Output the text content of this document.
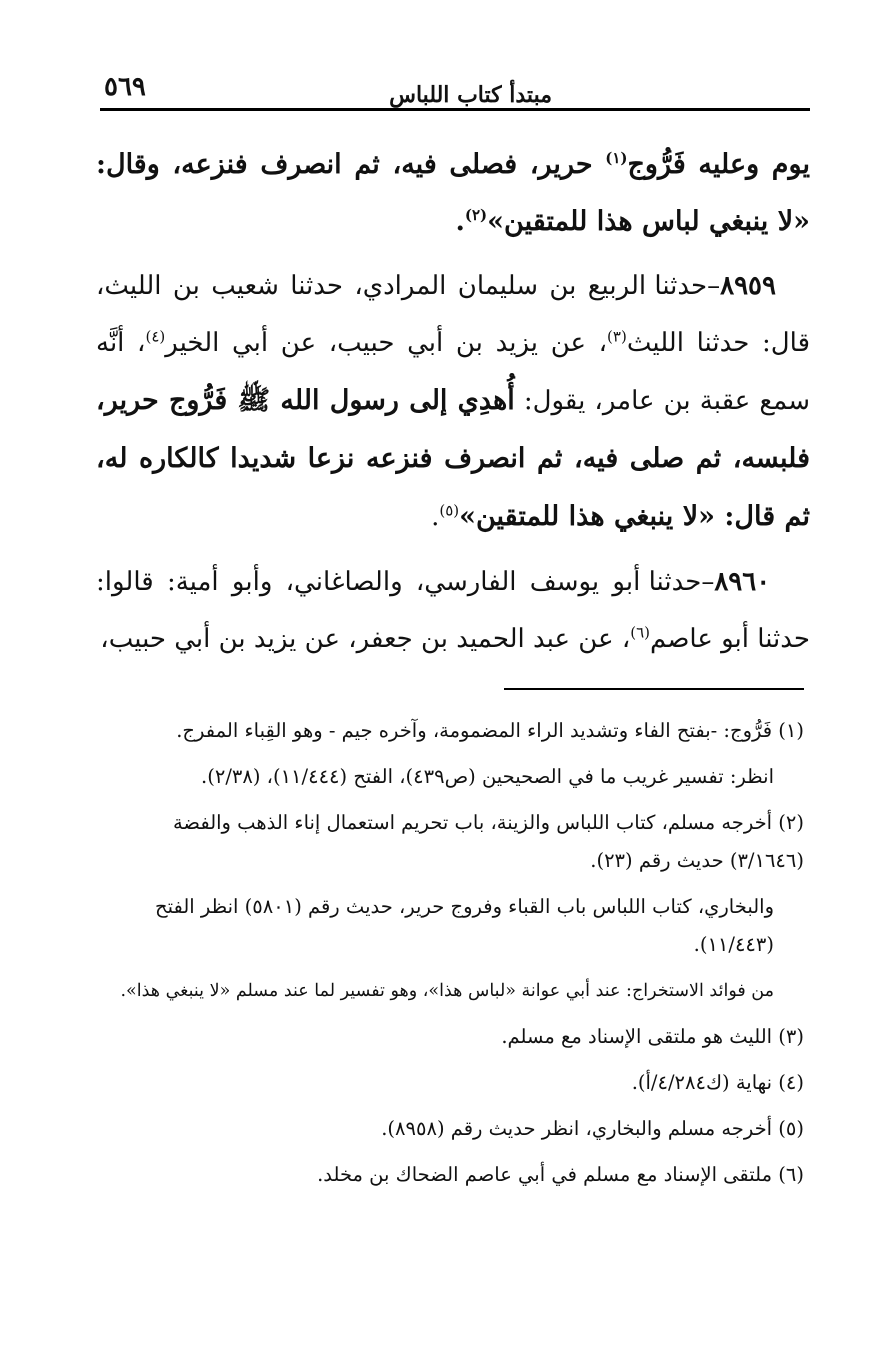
مبتدأ كتاب اللباس
٥٦٩

يوم وعليه فَرُّوج$^{(١)}$ حرير، فصلى فيه، ثم انصرف فنزعه، وقال: «لا ينبغي لباس هذا للمتقين»$^{(٢)}$.

٨٩٥٩–حدثنا الربيع بن سليمان المرادي، حدثنا شعيب بن الليث، قال: حدثنا الليث$^{(٣)}$، عن يزيد بن أبي حبيب، عن أبي الخير$^{(٤)}$، أنَّه سمع عقبة بن عامر، يقول: أُهدِي إلى رسول الله ﷺ فَرُّوج حرير، فلبسه، ثم صلى فيه، ثم انصرف فنزعه نزعا شديدا كالكاره له، ثم قال: «لا ينبغي هذا للمتقين»$^{(٥)}$.

٨٩٦٠–حدثنا أبو يوسف الفارسي، والصاغاني، وأبو أمية: قالوا: حدثنا أبو عاصم$^{(٦)}$، عن عبد الحميد بن جعفر، عن يزيد بن أبي حبيب،

(١) فَرُّوج: -بفتح الفاء وتشديد الراء المضمومة، وآخره جيم - وهو القِباء المفرج.
انظر: تفسير غريب ما في الصحيحين (ص٤٣٩)، الفتح (١١/٤٤٤)، (٢/٣٨).
(٢) أخرجه مسلم، كتاب اللباس والزينة، باب تحريم استعمال إناء الذهب والفضة (٣/١٦٤٦) حديث رقم (٢٣).
والبخاري، كتاب اللباس باب القباء وفروج حرير، حديث رقم (٥٨٠١) انظر الفتح (١١/٤٤٣).
من فوائد الاستخراج: عند أبي عوانة «لباس هذا»، وهو تفسير لما عند مسلم «لا ينبغي هذا».
(٣) الليث هو ملتقى الإسناد مع مسلم.
(٤) نهاية (ك٤/٢٨٤/أ).
(٥) أخرجه مسلم والبخاري، انظر حديث رقم (٨٩٥٨).
(٦) ملتقى الإسناد مع مسلم في أبي عاصم الضحاك بن مخلد.
